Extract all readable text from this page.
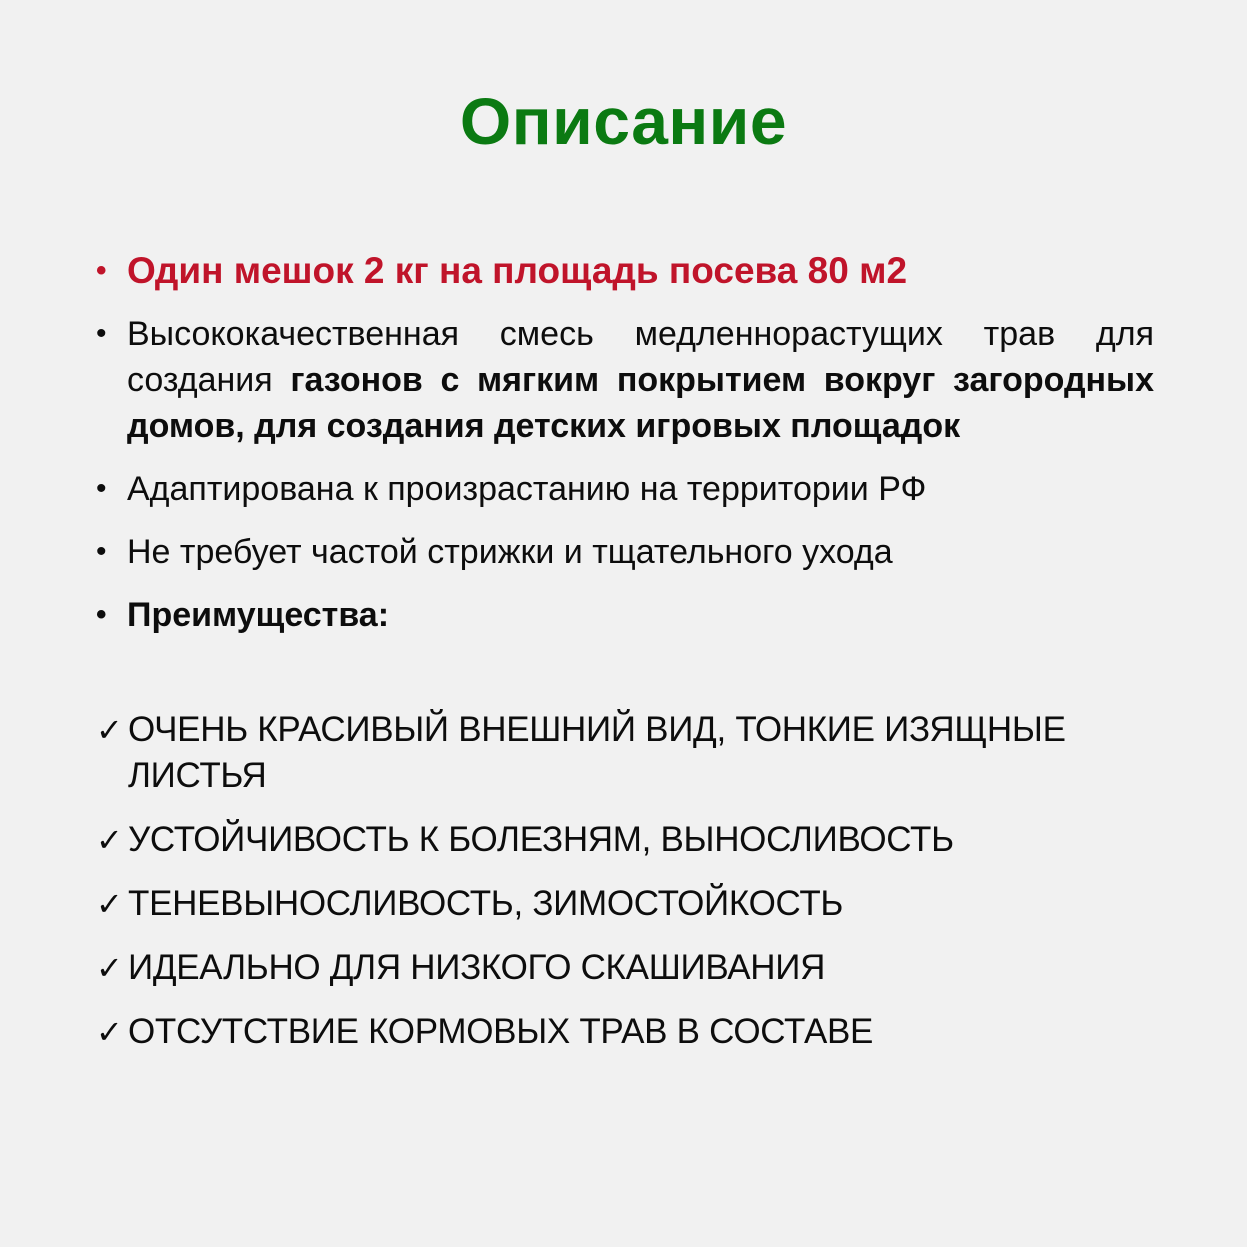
Описание
• Один мешок 2 кг на площадь посева 80 м2
• Высококачественная смесь медленнорастущих трав для создания газонов с мягким покрытием вокруг загородных домов, для создания детских игровых площадок
• Адаптирована к произрастанию на территории РФ
• Не требует частой стрижки и тщательного ухода
• Преимущества:
✓ ОЧЕНЬ КРАСИВЫЙ ВНЕШНИЙ ВИД, ТОНКИЕ ИЗЯЩНЫЕ ЛИСТЬЯ
✓ УСТОЙЧИВОСТЬ К БОЛЕЗНЯМ, ВЫНОСЛИВОСТЬ
✓ ТЕНЕВЫНОСЛИВОСТЬ, ЗИМОСТОЙКОСТЬ
✓ ИДЕАЛЬНО ДЛЯ НИЗКОГО СКАШИВАНИЯ
✓ ОТСУТСТВИЕ КОРМОВЫХ ТРАВ В СОСТАВЕ
